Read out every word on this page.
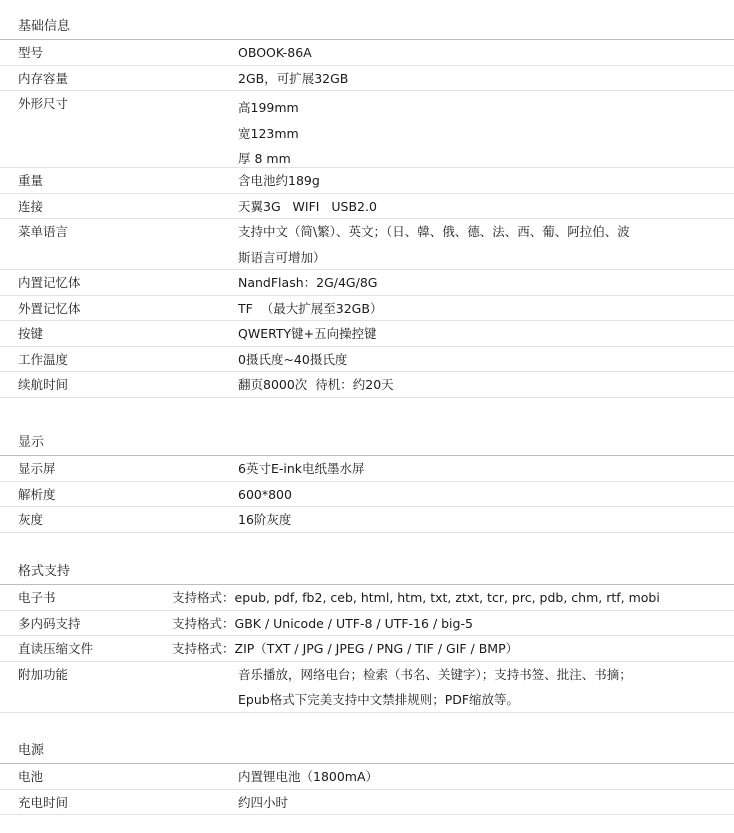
基础信息
型号	OBOOK-86A
内存容量	2GB，可扩展32GB
外形尺寸	高199mm
宽123mm
厚 8 mm
重量	含电池约189g
连接	天翼3G   WIFI   USB2.0
菜单语言	支持中文（简\繁）、英文；（日、韓、俄、德、法、西、葡、阿拉伯、波
斯语言可增加）
内置记忆体	NandFlash：2G/4G/8G
外置记忆体	TF  （最大扩展至32GB）
按键	QWERTY键+五向操控键
工作温度	0摄氏度~40摄氏度
续航时间	翻页8000次  待机：约20天
显示
显示屏	6英寸E-ink电纸墨水屏
解析度	600*800
灰度	16阶灰度
格式支持
电子书	支持格式：epub, pdf, fb2, ceb, html, htm, txt, ztxt, tcr, prc, pdb, chm, rtf, mobi
多内码支持	支持格式：GBK / Unicode / UTF-8 / UTF-16 / big-5
直读压缩文件	支持格式：ZIP（TXT / JPG / JPEG / PNG / TIF / GIF / BMP）
附加功能	音乐播放，网络电台；检索（书名、关键字）；支持书签、批注、书摘；
Epub格式下完美支持中文禁排规则；PDF缩放等。
电源
电池	内置锂电池（1800mA）
充电时间	约四小时
